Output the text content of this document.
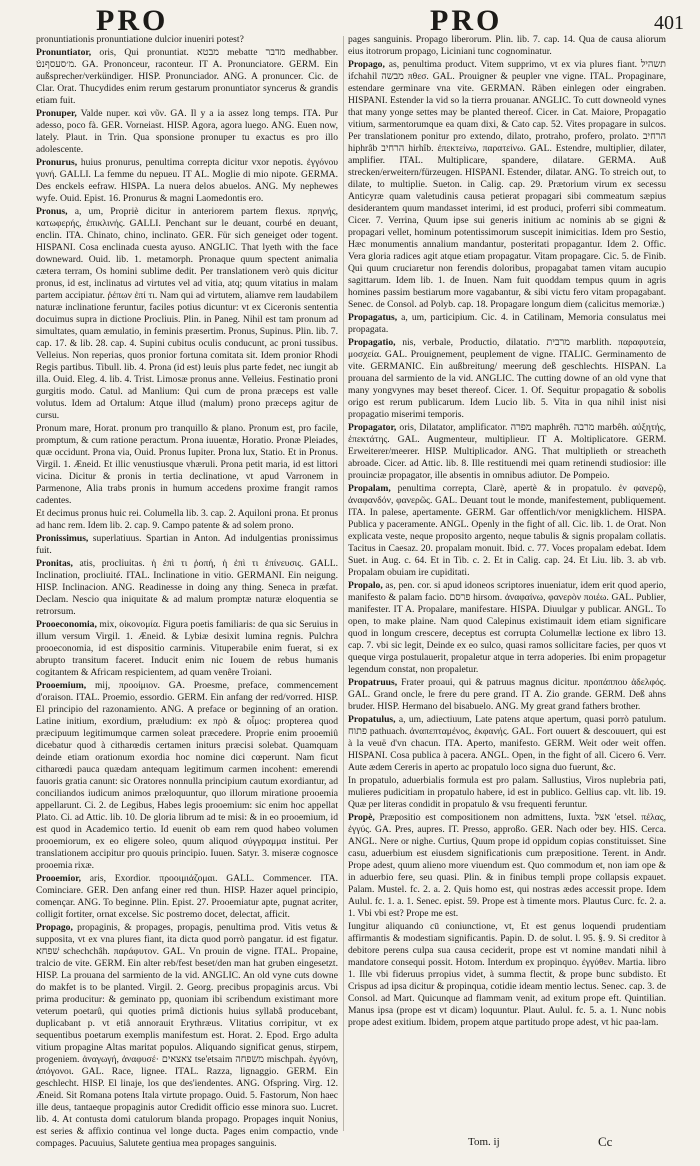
PRO	PRO	401

pronuntiationis pronuntiatione dulcior inueniri potest?

Pronuntiator, oris, Qui pronuntiat. מבטא mebatte מדבר medhabber. מ׳סעסףנטֿ. GA. Prononceur, raconteur. IT A. Pronunciatore. GERM. Ein außsprecher/verkündiger. HISP. Pronunciador. ANG. A pronuncer. Cic. de Clar. Orat. Thucydides enim rerum gestarum pronuntiator syncerus & grandis etiam fuit.

Pronuper, Valde nuper. καὶ νῦν. GA. Il y a ia assez long temps. ITA. Pur adesso, poco fà. GER. Vorneiast. HISP. Agora, agora luego. ANG. Euen now, lately. Plaut. in Trin. Qua sponsione pronuper tu exactus es pro illo adolescente.

Pronurus, huius pronurus, penultima correpta dicitur vxor nepotis. ἐγγόνου γυνή. GALLI. La femme du nepueu. IT AL. Moglie di mio nipote. GERMA. Des enckels eefraw. HISPA. La nuera delos abuelos. ANG. My nephewes wyfe. Ouid. Epist. 16. Pronurus & magni Laomedontis ero.

Pronus, a, um, Propriè dicitur in anteriorem partem flexus. πρηνής, κατωφερής, ἐπικλινής. GALLI. Penchant sur le deuant, courbé en deuant, enclin. ITA. Chinato, chino, inclinato. GER. Für sich geneiget oder togent. HISPANI. Cosa enclinada cuesta ayuso. ANGLIC. That lyeth with the face downeward. Ouid. lib. 1. metamorph. Pronaque quum spectent animalia cætera terram, Os homini sublime dedit. Per translationem verò quis dicitur pronus, id est, inclinatus ad virtutes vel ad vitia, atq; quum vitatius in malam partem accipiatur. ῥέπων ἐπί τι. Nam qui ad virtutem, aliamve rem laudabilem naturæ inclinatione feruntur, faciles potius dicuntur: vt ex Ciceronis sententia docuimus supra in dictione Procliuis. Plin. in Paneg. Nihil est tam pronum ad simultates, quam æmulatio, in feminis præsertim. Pronus, Supinus. Plin. lib. 7. cap. 17. & lib. 28. cap. 4. Supini cubitus oculis conducunt, ac proni tussibus. Velleius. Non reperias, quos pronior fortuna comitata sit. Idem pronior Rhodi Regis partibus. Tibull. lib. 4. Prona (id est) leuis plus parte fedet, nec iungit ab illa. Ouid. Eleg. 4. lib. 4. Trist. Limosæ pronus anne. Velleius. Festinatio proni gurgitis modo. Catul. ad Manlium: Qui cum de prona præceps est valle volutus. Idem ad Ortalum: Atque illud (malum) prono præceps agitur de cursu.

Pronum mare, Horat. pronum pro tranquillo & plano. Pronum est, pro facile, promptum, & cum ratione peractum. Prona iuuentæ, Horatio. Pronæ Pleiades, quæ occidunt. Prona via, Ouid. Pronus Iupiter. Prona lux, Statio. Et in Pronus. Virgil. 1. Æneid. Et illic venustiusque vhæruli. Prona petit maria, id est littori vicina. Dicitur & pronis in tertia declinatione, vt apud Varronem in Parmenone, Alia trabs pronis in humum accedens proxime frangit ramos cadentes.

Et decimus pronus huic rei. Columella lib. 3. cap. 2. Aquiloni prona. Et pronus ad hanc rem. Idem lib. 2. cap. 9. Campo patente & ad solem prono.

Pronissimus, superlatiuus. Spartian in Anton. Ad indulgentias pronissimus fuit.

Pronitas, atis, procliuitas. ἡ ἐπὶ τι ῥοπή, ἡ ἐπὶ τι ἐπίνευσις. GALL. Inclination, procliuité. ITAL. Inclinatione in vitio. GERMANI. Ein neigung. HISP. Inclinacion. ANG. Readinesse in doing any thing. Seneca in præfat. Declam. Nescio qua iniquitate & ad malum promptæ naturæ eloquentia se retrorsum.

Prooeconomia, mix, οἰκονομία. Figura poetis familiaris: de qua sic Seruius in illum versum Virgil. 1. Æneid. & Lybiæ desixit lumina regnis. Pulchra prooeconomia, id est dispositio carminis. Vituperabile enim fuerat, si ex abrupto transitum faceret. Inducit enim nic Iouem de rebus humanis cogitantem & Africam respicientem, ad quam venêre Troiani.

Prooemium, mij, προοίμιον. GA. Proesme, preface, commencement d'oraison. ITAL. Proemio, essordio. GERM. Ein anfang der red/vorred. HISP. El principio del razonamiento. ANG. A preface or beginning of an oration. Latine initium, exordium, præludium: ex πρὸ & οἶμος: propterea quod præcipuum legitimumque carmen soleat præcedere. Proprie enim prooemiû dicebatur quod à citharœdis certamen initurs præcisi solebat. Quamquam deinde etiam orationum exordia hoc nomine dici cœperunt. Nam ficut citharœdi pauca quædam antequam legitimum carmen incohent: emerendi fauoris gratia canunt: sic Oratores nonnulla principium cautum exordiantur, ad conciliandos iudicum animos præloquuntur, quo illorum miratione prooemia appellarunt. Ci. 2. de Legibus, Habes legis prooemium: sic enim hoc appellat Plato. Ci. ad Attic. lib. 10. De gloria librum ad te misi: & in eo prooemium, id est quod in Academico tertio. Id euenit ob eam rem quod habeo volumen prooemiorum, ex eo eligere soleo, quum aliquod σύγγραμμα institui. Per translationem accipitur pro quouis principio. Iuuen. Satyr. 3. miseræ cognosce prooemia rixæ.

Prooemior, aris, Exordior. προοιμιάζομαι. GALL. Commencer. ITA. Cominciare. GER. Den anfang einer red thun. HISP. Hazer aquel principio, començar. ANG. To beginne. Plin. Epist. 27. Prooemiatur apte, pugnat acriter, colligit fortiter, ornat excelse. Sic postremo docet, delectat, afficit.

Propago, propaginis, & propages, propagis, penultima prod. Vitis vetus & supposita, vt ex vna plures fiant, ita dicta quod porrò pangatur. id est figatur. שׁפחא schechchâh. παράφυτον. GAL. Vn prouin de vigne. ITAL. Propaine, tralcio de vite. GERM. Ein alter reb/fest beset/den man hat gruben eingesetzt. HISP. La prouana del sarmiento de la vid. ANGLIC. An old vyne cuts downe do makfet is to be planted. Virgil. 2. Georg. precibus propaginis arcus. Vbi prima producitur: & geminato pp, quoniam ibi scribendum existimant more veterum poetarû, qui quoties primâ dictionis huius syllabâ producebant, duplicabant p. vt etiâ annorauit Erythræus. Vlitatius corripitur, vt ex sequentibus poetarum exemplis manifestum est. Horat. 2. Epod. Ergo adulta vitium propagine Altas maritat populos. Aliquando significat genus, stirpem, progeniem. ἀναγωγή, ἀναφυσέ· צאצאים tse'etsaim משפחה mischpah. ἐγγόνη, ἀπόγονοι. GAL. Race, lignee. ITAL. Razza, lignaggio. GERM. Ein geschlecht. HISP. El linaje, los que des'iendentes. ANG. Ofspring. Virg. 12. Æneid. Sit Romana potens Itala virtute propago. Ouid. 5. Fastorum, Non haec ille deus, tantaeque propaginis autor Credidit officio esse minora suo. Lucret. lib. 4. At contusta domi catulorum blanda propago. Propages inquit Nonius, est series & affixio continua vel longe ducta. Pages enim compactio, vnde compages. Pacuuius, Salutete gentiua mea propages sanguinis.

pages sanguinis. Propago liberorum. Plin. lib. 7. cap. 14. Qua de causa aliorum eius itotrorum propago, Liciniani tunc cognominatur.

Propago, as, penultima product. Vitem supprimo, vt ex via plures fiant. תשהיל ifchahil מבשה πθεσ. GAL. Prouigner & peupler vne vigne. ITAL. Propaginare, estendare germinare vna vite. GERMAN. Räben einlegen oder eingraben. HISPANI. Estender la vid so la tierra prouanar. ANGLIC. To cutt downeold vynes that many yonge settes may be planted thereof. Cicer. in Cat. Maiore, Propagatio vitium, sarmentorumque ea quam dixi, & Cato cap. 52. Vites propagare in sulcos. Per translationem ponitur pro extendo, dilato, protraho, profero, prolato. הרחיב hiphrâb הרחיב hirhîb. ἐπεκτείνω, παρατείνω. GAL. Estendre, multiplier, dilater, amplifier. ITAL. Multiplicare, spandere, dilatare. GERMA. Auß strecken/erweitern/fürzeugen. HISPANI. Estender, dilatar. ANG. To streich out, to dilate, to multiplie. Sueton. in Calig. cap. 29. Prætorium virum ex secessu Anticyræ quam valetudinis causa petierat propagari sibi commeatum sæpius desiderantem quum mandasset interimi, id est produci, proferri sibi commeatum. Cicer. 7. Verrina, Quum ipse sui generis initium ac nominis ab se gigni & propagari vellet, hominum potentissimorum suscepit inimicitias. Idem pro Sestio, Hæc monumentis annalium mandantur, posteritati propagantur. Idem 2. Offic. Vera gloria radices agit atque etiam propagatur. Vitam propagare. Cic. 5. de Finib. Qui quum cruciaretur non ferendis doloribus, propagabat tamen vitam aucupio sagittarum. Idem lib. 1. de Inuen. Nam fuit quoddam tempus quum in agris homines passim bestiarum more vagabantur, & sibi victu fero vitam propagabant. Senec. de Consol. ad Polyb. cap. 18. Propagare longum diem (calicitus memoriæ.)

Propagatus, a, um, participium. Cic. 4. in Catilinam, Memoria consulatus mei propagata.

Propagatio, nis, verbale, Productio, dilatatio. מרבית marblith. παραφυτεία, μοσχεία. GAL. Prouignement, peuplement de vigne. ITALIC. Germinamento de vite. GERMANIC. Ein außbreitung/ meerung deß geschlechts. HISPAN. La prouana del sarmiento de la vid. ANGLIC. The cutting downe of an old vyne that many yongvynes may beset thereof. Cicer. 1. Of. Sequitur propagatio & sobolis origo est rerum publicarum. Idem Lucio lib. 5. Vita in qua nihil inist nisi propagatio miserimi temporis.

Propagator, oris, Dilatator, amplificator. מפרה maphrêh. מרבה marbêh. αὐξητής, ἐπεκτάτης. GAL. Augmenteur, multiplieur. IT A. Moltiplicatore. GERM. Erweiterer/meerer. HISP. Multiplicador. ANG. That multiplieth or streacheth abroade. Cicer. ad Attic. lib. 8. Ille restituendi mei quam retinendi studiosior: ille prouinciæ propagator, ille absentis in omnibus adiutor. De Pompeio.

Propalam, penultima correpta, Clarè, apertè & in propatulo. ἐν φανερῷ, ἀναφανδόν, φανερῶς. GAL. Deuant tout le monde, manifestement, publiquement. ITA. In palese, apertamente. GERM. Gar offentlich/vor menigklichem. HISPA. Publica y paceramente. ANGL. Openly in the fight of all. Cic. lib. 1. de Orat. Non explicata veste, neque proposito argento, neque tabulis & signis propalam collatis. Tacitus in Caesaz. 20. propalam monuit. Ibid. c. 77. Voces propalam edebat. Idem Suet. in Aug. c. 64. Et in Tib. c. 2. Et in Calig. cap. 24. Et Liu. lib. 3. ab vrb. Propalam obuiam ire cupiditati.

Propalo, as, pen. cor. si apud idoneos scriptores inueniatur, idem erit quod aperio, manifesto & palam facio. פרסם hirsom. ἀναφαίνω, φανερὸν ποιέω. GAL. Publier, manifester. IT A. Propalare, manifestare. HISPA. Diuulgar y publicar. ANGL. To open, to make plaine. Nam quod Calepinus existimauit idem etiam significare quod in longum crescere, deceptus est corrupta Columellæ lectione ex libro 13. cap. 7. vbi sic legit, Deinde ex eo sulco, quasi ramos sollicitare facies, per quos vt queque virga postulauerit, propaletur atque in terra adoperies. Ibi enim propagetur legendum constat, non propaletur.

Propatruus, Frater proaui, qui & patruus magnus dicitur. προπάππου ἀδελφός. GAL. Grand oncle, le frere du pere grand. IT A. Zio grande. GERM. Deß ahns bruder. HISP. Hermano del bisabuelo. ANG. My great grand fathers brother.

Propatulus, a, um, adiectiuum, Late patens atque apertum, quasi porrò patulum. פתוח pathuach. ἀναπεπταμένος, ἐκφανής. GAL. Fort ouuert & descouuert, qui est à la veuë d'vn chacun. ITA. Aperto, manifesto. GERM. Weit oder weit offen. HISPANI. Cosa publica à pacera. ANGL. Open, in the fight of all. Cicero 6. Verr. Aute ædem Cereris in aperto ac propatulo loco signa duo fuerunt, &c.

In propatulo, aduerbialis formula est pro palam. Sallustius, Viros nuplebria pati, mulieres pudicitiam in propatulo habere, id est in publico. Gellius cap. vlt. lib. 19. Quæ per literas condidit in propatulo & vsu frequenti feruntur.

Propè, Præpositio est compositionem non admittens, Iuxta. אצל 'etsel. πέλας, ἐγγύς. GA. Pres, aupres. IT. Presso, approßo. GER. Nach oder bey. HIS. Cerca. ANGL. Nere or nighe. Curtius, Quum prope id oppidum copias constituisset. Sine casu, aduerbium est eiusdem significationis cum præpositione. Terent. in Andr. Prope adest, quum alieno more viuendum est. Quo commodum et, non iam ope & in aduerbio fere, seu quasi. Plin. & in finibus templi prope collapsis expauet. Palam. Mustel. fc. 2. a. 2. Quis homo est, qui nostras ædes accessit prope. Idem Aulul. fc. 1. a. 1. Senec. epist. 59. Prope est à timente mors. Plautus Curc. fc. 2. a. 1. Vbi vbi est? Prope me est.

Iungitur aliquando cū coniunctione, vt, Et est genus loquendi prudentiam affirmantis & modestiam significantis. Papin. D. de solut. l. 95. §. 9. Si creditor à debitore perens culpa sua causa ceciderit, prope est vt nomine mandati nihil à mandatore consequi possit. Hotom. Interdum ex propinquo. ἐγγύθεν. Martia. libro 1. Ille vbi fideruus prropius videt, à summa flectit, & prope bunc subdisto. Et Crispus ad ipsa dicitur & propinqua, cotidie ideam mentio lectus. Senec. cap. 3. de Consol. ad Mart. Quicunque ad flammam venit, ad exitum prope eft. Quintilian. Manus ipsa (prope est vt dicam) loquuntur. Plaut. Aulul. fc. 5. a. 1. Nunc nobis prope adest exitium. Ibidem, propem atque partitudo prope adest, vt hic paa-lam.

Tom. ij	Cc
